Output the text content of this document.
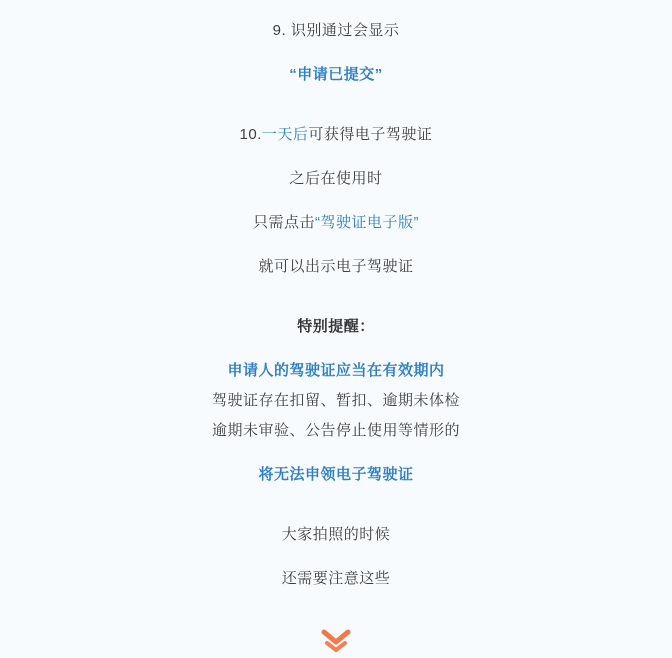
9. 识别通过会显示
“申请已提交”
10.一天后可获得电子驾驶证
之后在使用时
只需点击“驾驶证电子版”
就可以出示电子驾驶证
特别提醒：
申请人的驾驶证应当在有效期内
驾驶证存在扣留、暂扣、逾期未体检
逾期未审验、公告停止使用等情形的
将无法申领电子驾驶证
大家拍照的时候
还需要注意这些
